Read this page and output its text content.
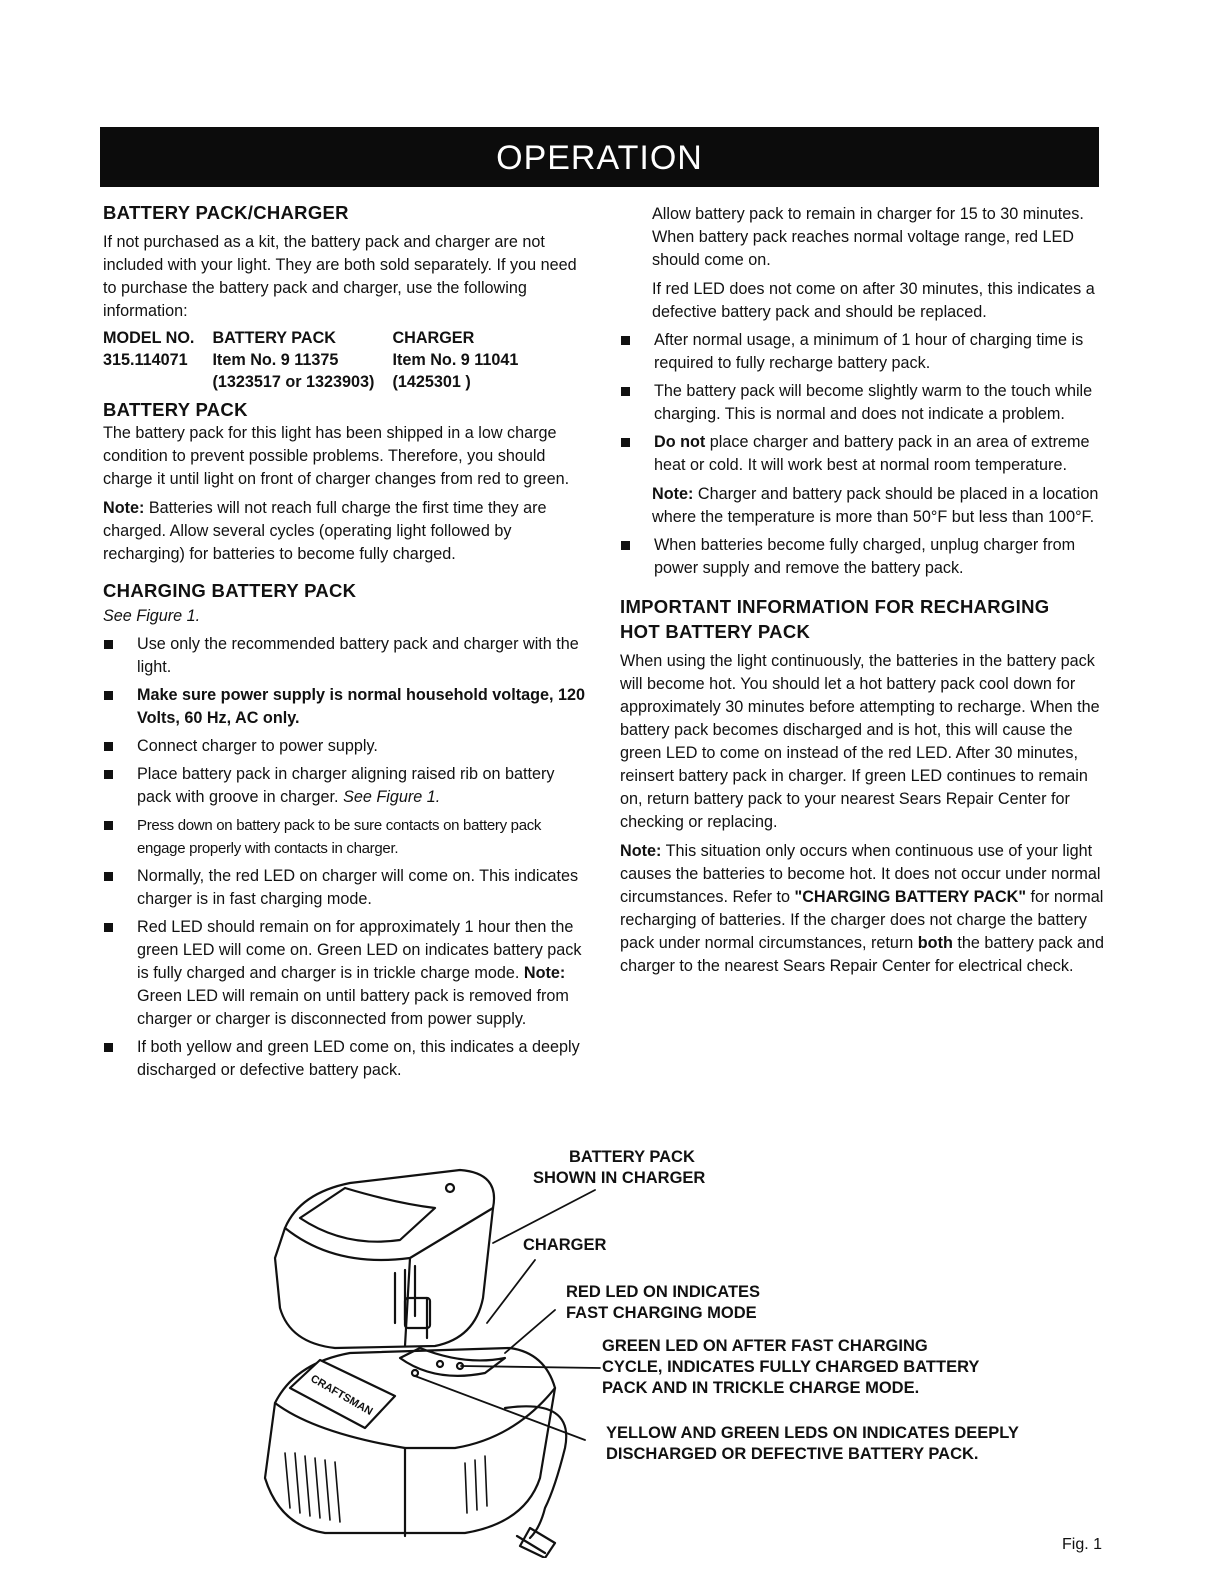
OPERATION
BATTERY PACK/CHARGER

If not purchased as a kit, the battery pack and charger are not included with your light. They are both sold separately. If you need to purchase the battery pack and charger, use the following information:

MODEL NO.	BATTERY PACK	CHARGER
315.114071	Item No. 9 11375	Item No. 9 11041
	(1323517 or 1323903)	(1425301 )
BATTERY PACK

The battery pack for this light has been shipped in a low charge condition to prevent possible problems. Therefore, you should charge it until light on front of charger changes from red to green.

Note: Batteries will not reach full charge the first time they are charged. Allow several cycles (operating light followed by recharging) for batteries to become fully charged.

CHARGING BATTERY PACK

See Figure 1.

Use only the recommended battery pack and charger with the light.
Make sure power supply is normal household voltage, 120 Volts, 60 Hz, AC only.
Connect charger to power supply.
Place battery pack in charger aligning raised rib on battery pack with groove in charger. See Figure 1.
Press down on battery pack to be sure contacts on battery pack engage properly with contacts in charger.
Normally, the red LED on charger will come on. This indicates charger is in fast charging mode.
Red LED should remain on for approximately 1 hour then the green LED will come on. Green LED on indicates battery pack is fully charged and charger is in trickle charge mode. Note: Green LED will remain on until battery pack is removed from charger or charger is disconnected from power supply.
If both yellow and green LED come on, this indicates a deeply discharged or defective battery pack.

Allow battery pack to remain in charger for 15 to 30 minutes. When battery pack reaches normal voltage range, red LED should come on.

If red LED does not come on after 30 minutes, this indicates a defective battery pack and should be replaced.

After normal usage, a minimum of 1 hour of charging time is required to fully recharge battery pack.
The battery pack will become slightly warm to the touch while charging. This is normal and does not indicate a problem.
Do not place charger and battery pack in an area of extreme heat or cold. It will work best at normal room temperature.

Note: Charger and battery pack should be placed in a location where the temperature is more than 50°F but less than 100°F.

When batteries become fully charged, unplug charger from power supply and remove the battery pack.
IMPORTANT INFORMATION FOR RECHARGING
HOT BATTERY PACK

When using the light continuously, the batteries in the battery pack will become hot. You should let a hot battery pack cool down for approximately 30 minutes before attempting to recharge. When the battery pack becomes discharged and is hot, this will cause the green LED to come on instead of the red LED. After 30 minutes, reinsert battery pack in charger. If green LED continues to remain on, return battery pack to your nearest Sears Repair Center for checking or replacing.

Note: This situation only occurs when continuous use of your light causes the batteries to become hot. It does not occur under normal circumstances. Refer to "CHARGING BATTERY PACK" for normal recharging of batteries. If the charger does not charge the battery pack under normal circumstances, return both the battery pack and charger to the nearest Sears Repair Center for electrical check.

CRAFTSMAN
BATTERY PACK
SHOWN IN CHARGER
CHARGER
RED LED ON INDICATES
FAST CHARGING MODE
GREEN LED ON AFTER FAST CHARGING
CYCLE, INDICATES FULLY CHARGED BATTERY
PACK AND IN TRICKLE CHARGE MODE.
YELLOW AND GREEN LEDS ON INDICATES DEEPLY
DISCHARGED OR DEFECTIVE BATTERY PACK.
Fig. 1
